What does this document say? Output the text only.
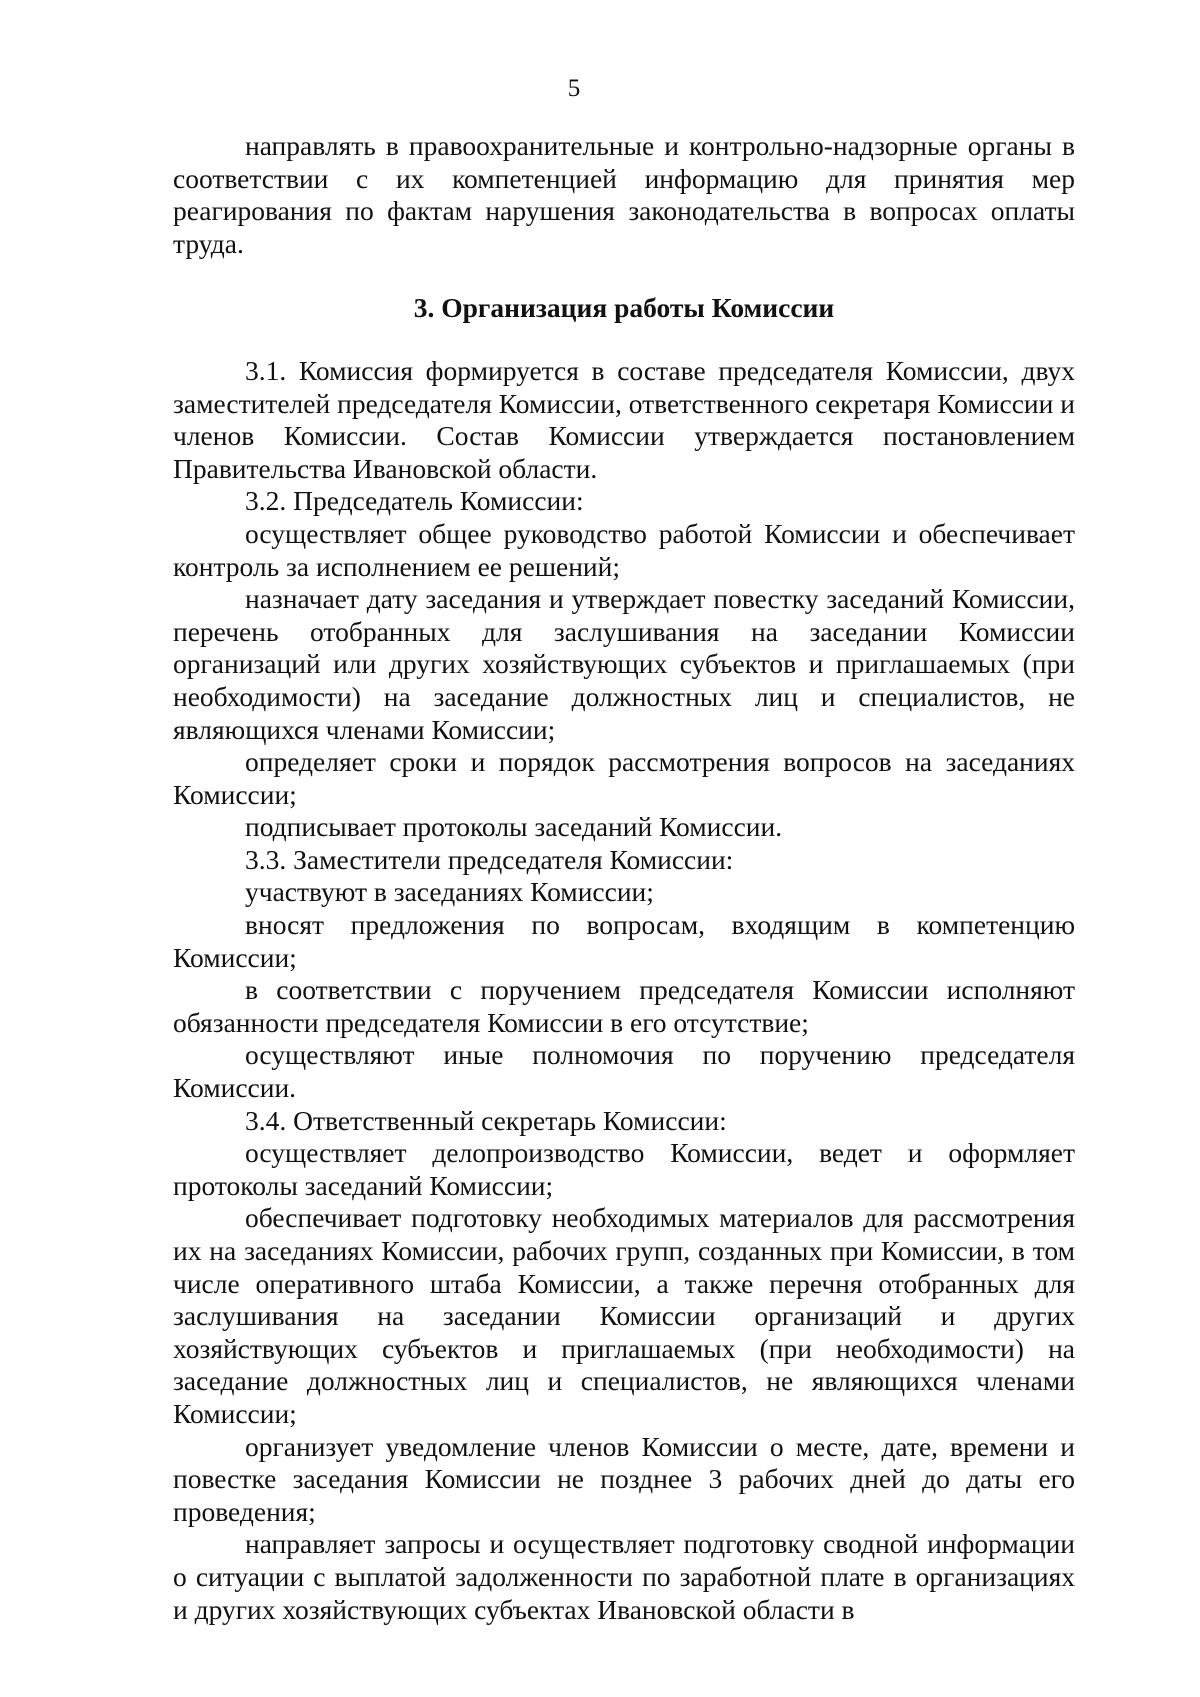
5

направлять в правоохранительные и контрольно-надзорные органы в соответствии с их компетенцией информацию для принятия мер реагирования по фактам нарушения законодательства в вопросах оплаты труда.

3. Организация работы Комиссии

3.1. Комиссия формируется в составе председателя Комиссии, двух заместителей председателя Комиссии, ответственного секретаря Комиссии и членов Комиссии. Состав Комиссии утверждается постановлением Правительства Ивановской области.

3.2. Председатель Комиссии:

осуществляет общее руководство работой Комиссии и обеспечивает контроль за исполнением ее решений;

назначает дату заседания и утверждает повестку заседаний Комиссии, перечень отобранных для заслушивания на заседании Комиссии организаций или других хозяйствующих субъектов и приглашаемых (при необходимости) на заседание должностных лиц и специалистов, не являющихся членами Комиссии;

определяет сроки и порядок рассмотрения вопросов на заседаниях Комиссии;

подписывает протоколы заседаний Комиссии.

3.3. Заместители председателя Комиссии:

участвуют в заседаниях Комиссии;

вносят предложения по вопросам, входящим в компетенцию Комиссии;

в соответствии с поручением председателя Комиссии исполняют обязанности председателя Комиссии в его отсутствие;

осуществляют иные полномочия по поручению председателя Комиссии.

3.4. Ответственный секретарь Комиссии:

осуществляет делопроизводство Комиссии, ведет и оформляет протоколы заседаний Комиссии;

обеспечивает подготовку необходимых материалов для рассмотрения их на заседаниях Комиссии, рабочих групп, созданных при Комиссии, в том числе оперативного штаба Комиссии, а также перечня отобранных для заслушивания на заседании Комиссии организаций и других хозяйствующих субъектов и приглашаемых (при необходимости) на заседание должностных лиц и специалистов, не являющихся членами Комиссии;

организует уведомление членов Комиссии о месте, дате, времени и повестке заседания Комиссии не позднее 3 рабочих дней до даты его проведения;

направляет запросы и осуществляет подготовку сводной информации о ситуации с выплатой задолженности по заработной плате в организациях и других хозяйствующих субъектах Ивановской области в
